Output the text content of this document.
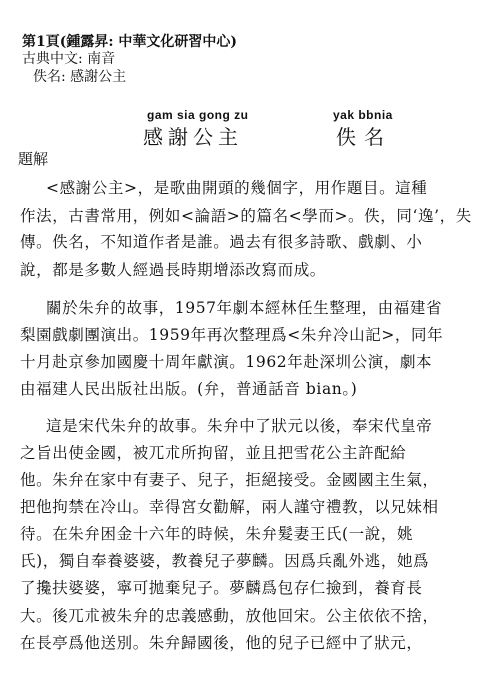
第1頁(鍾露昇: 中華文化研習中心)
古典中文: 南音
佚名: 感謝公主
gam sia gong zu	yak bbnia
感謝公主	佚名
題解
<感謝公主>，是歌曲開頭的幾個字，用作題目。這種
作法，古書常用，例如<論語>的篇名<學而>。佚，同‘逸’，失
傳。佚名，不知道作者是誰。過去有很多詩歌、戲劇、小
說，都是多數人經過長時期增添改寫而成。
關於朱弁的故事，1957年劇本經林任生整理，由福建省
梨園戲劇團演出。1959年再次整理爲<朱弁冷山記>，同年
十月赴京參加國慶十周年獻演。1962年赴深圳公演，劇本
由福建人民出版社出版。(弁，普通話音 bian。)
這是宋代朱弁的故事。朱弁中了狀元以後，奉宋代皇帝
之旨出使金國，被兀朮所拘留，並且把雪花公主許配給
他。朱弁在家中有妻子、兒子，拒絕接受。金國國主生氣，
把他拘禁在冷山。幸得宮女勸解，兩人謹守禮教，以兄妹相
待。在朱弁困金十六年的時候，朱弁髮妻王氏(一說，姚
氏)，獨自奉養婆婆，教養兒子夢麟。因爲兵亂外逃，她爲
了攙扶婆婆，寧可拋棄兒子。夢麟爲包存仁撿到，養育長
大。後兀朮被朱弁的忠義感動，放他回宋。公主依依不捨，
在長亭爲他送別。朱弁歸國後，他的兒子已經中了狀元，
